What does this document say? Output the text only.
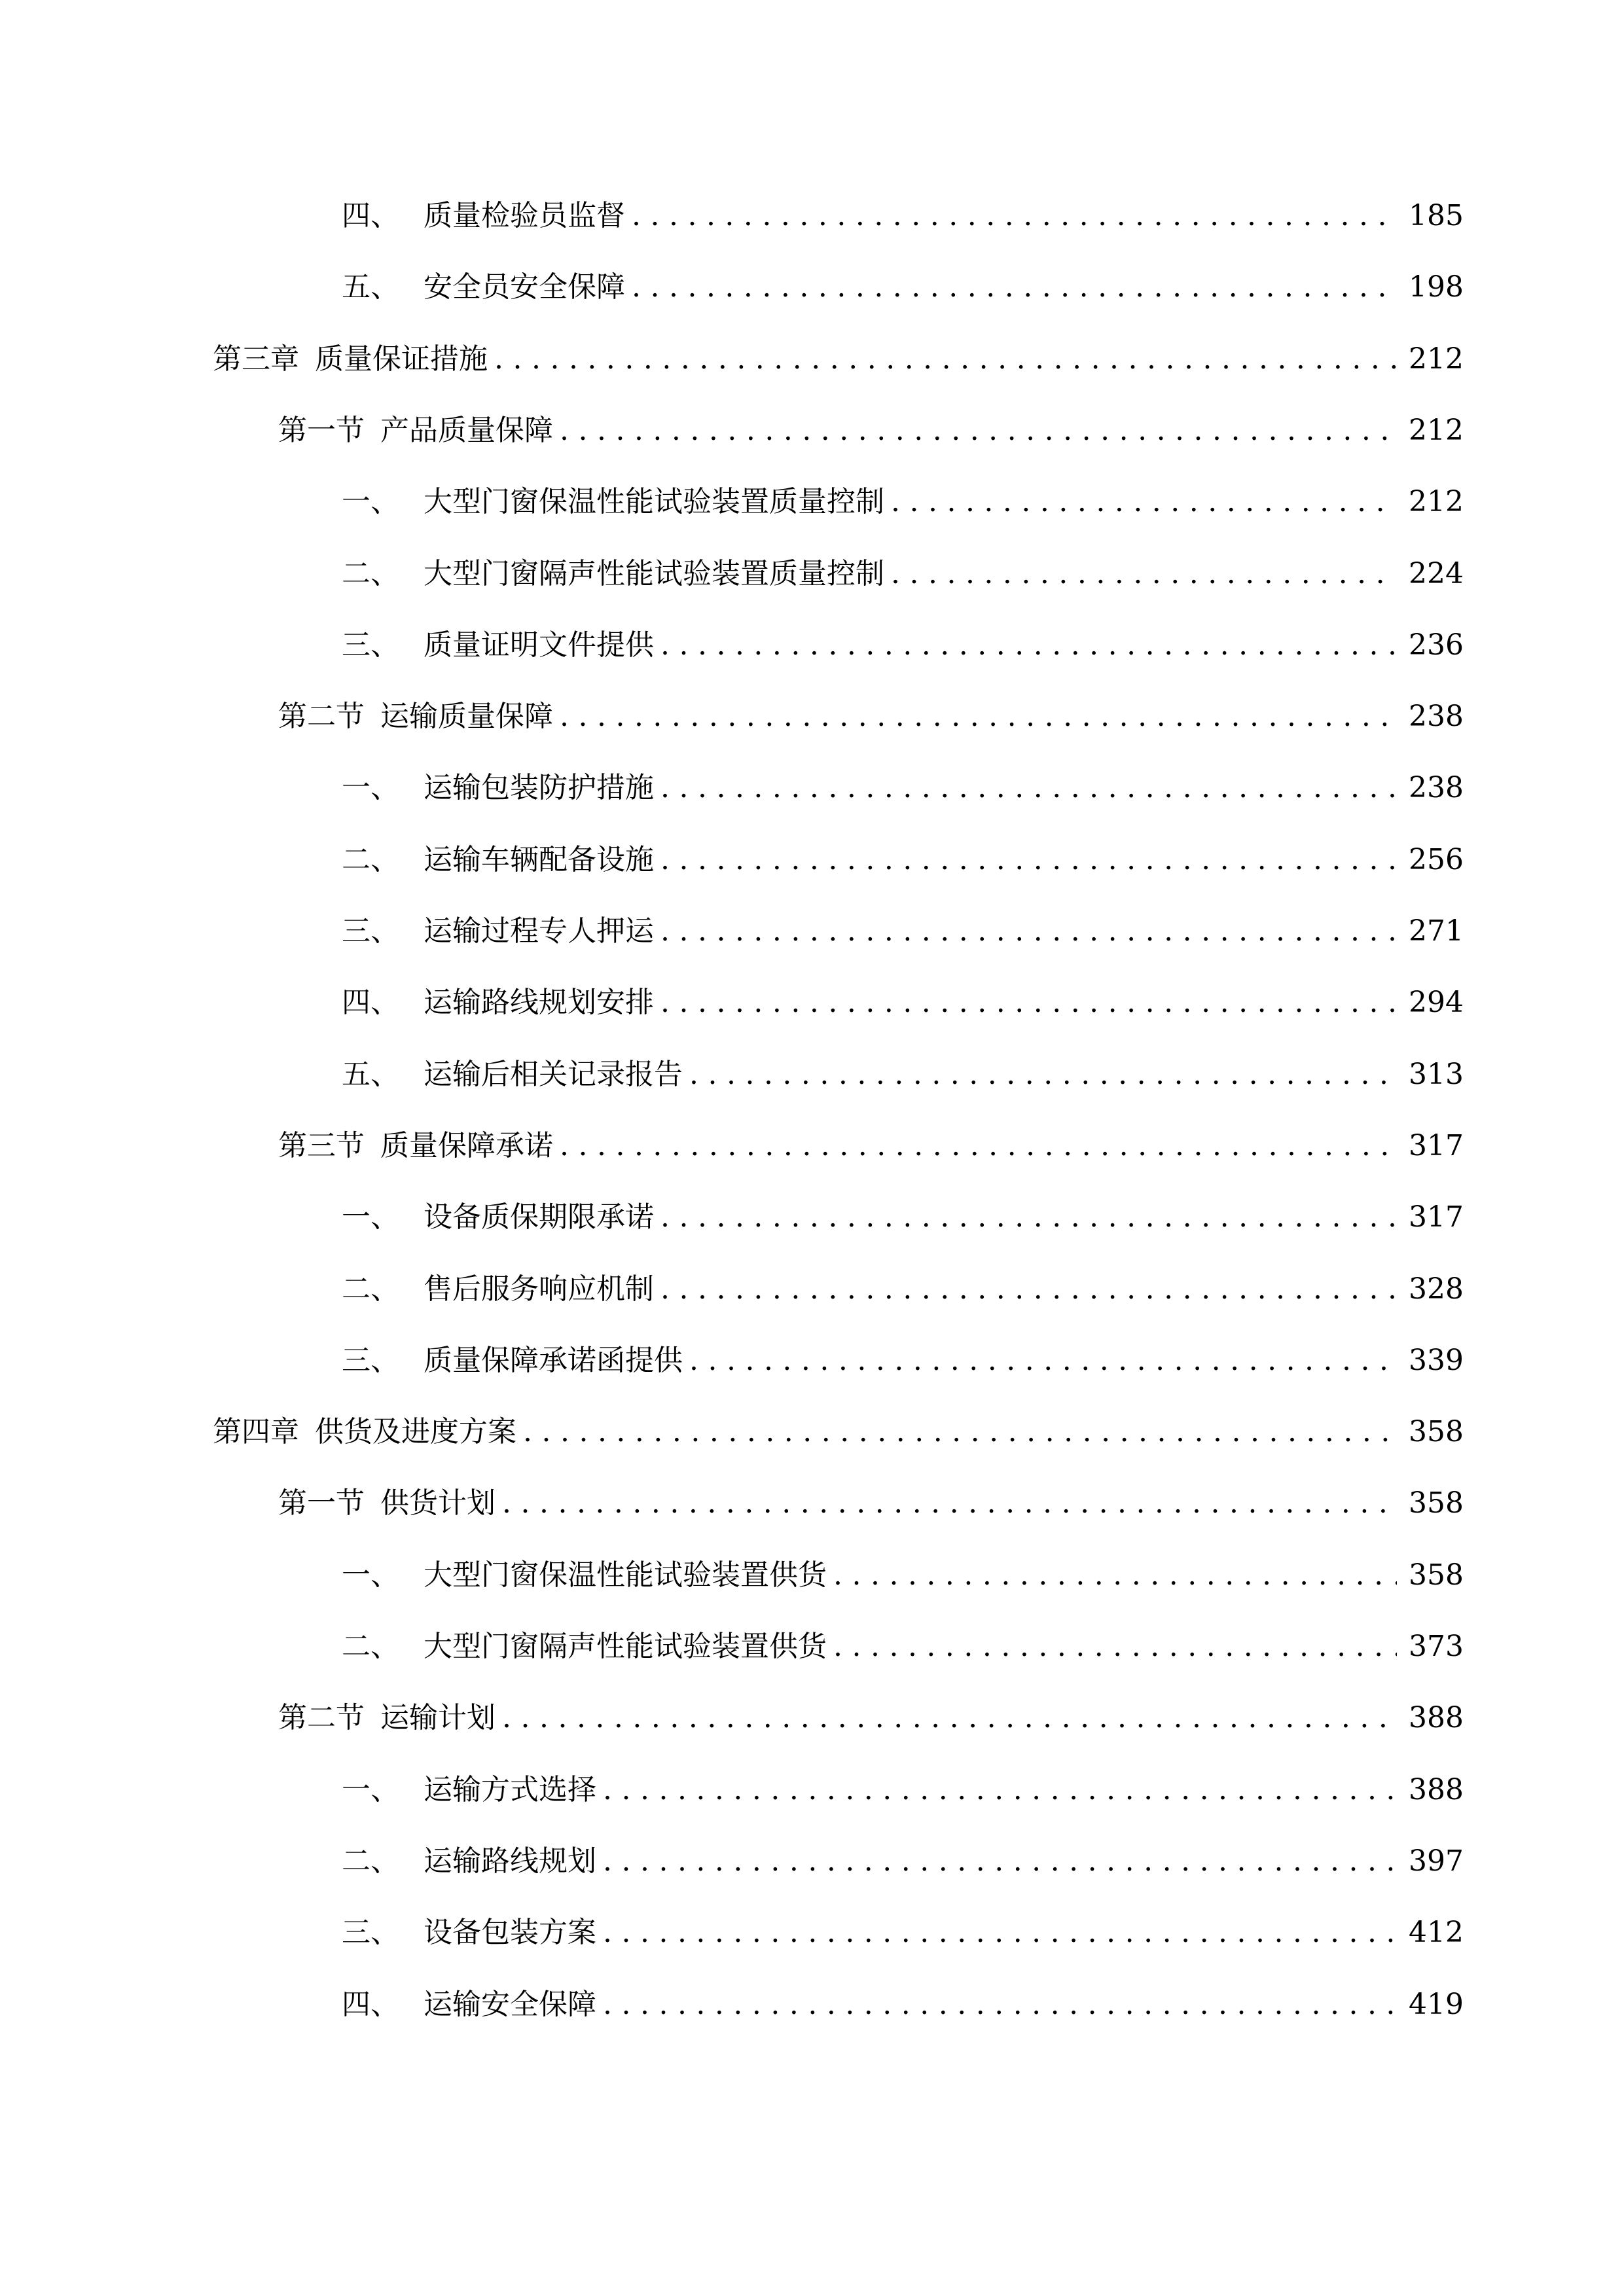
四、 质量检验员监督 .....	185
五、 安全员安全保障 .....	198
第三章 质量保证措施 .....	212
第一节 产品质量保障 .....	212
一、 大型门窗保温性能试验装置质量控制 .....	212
二、 大型门窗隔声性能试验装置质量控制 .....	224
三、 质量证明文件提供 .....	236
第二节 运输质量保障 .....	238
一、 运输包装防护措施 .....	238
二、 运输车辆配备设施 .....	256
三、 运输过程专人押运 .....	271
四、 运输路线规划安排 .....	294
五、 运输后相关记录报告 .....	313
第三节 质量保障承诺 .....	317
一、 设备质保期限承诺 .....	317
二、 售后服务响应机制 .....	328
三、 质量保障承诺函提供 .....	339
第四章 供货及进度方案 .....	358
第一节 供货计划 .....	358
一、 大型门窗保温性能试验装置供货 .....	358
二、 大型门窗隔声性能试验装置供货 .....	373
第二节 运输计划 .....	388
一、 运输方式选择 .....	388
二、 运输路线规划 .....	397
三、 设备包装方案 .....	412
四、 运输安全保障 .....	419
